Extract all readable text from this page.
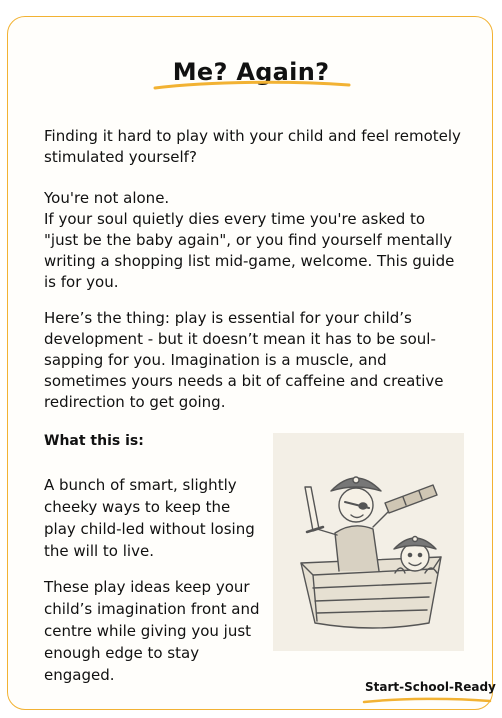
Me? Again?

Finding it hard to play with your child and feel remotely stimulated yourself?

You're not alone.
If your soul quietly dies every time you're asked to "just be the baby again", or you find yourself mentally writing a shopping list mid-game, welcome. This guide is for you.

Here’s the thing: play is essential for your child’s development - but it doesn’t mean it has to be soul-sapping for you. Imagination is a muscle, and sometimes yours needs a bit of caffeine and creative redirection to get going.

What this is:

A bunch of smart, slightly cheeky ways to keep the play child-led without losing the will to live.

These play ideas keep your child’s imagination front and centre while giving you just enough edge to stay engaged.

Start-School-Ready
